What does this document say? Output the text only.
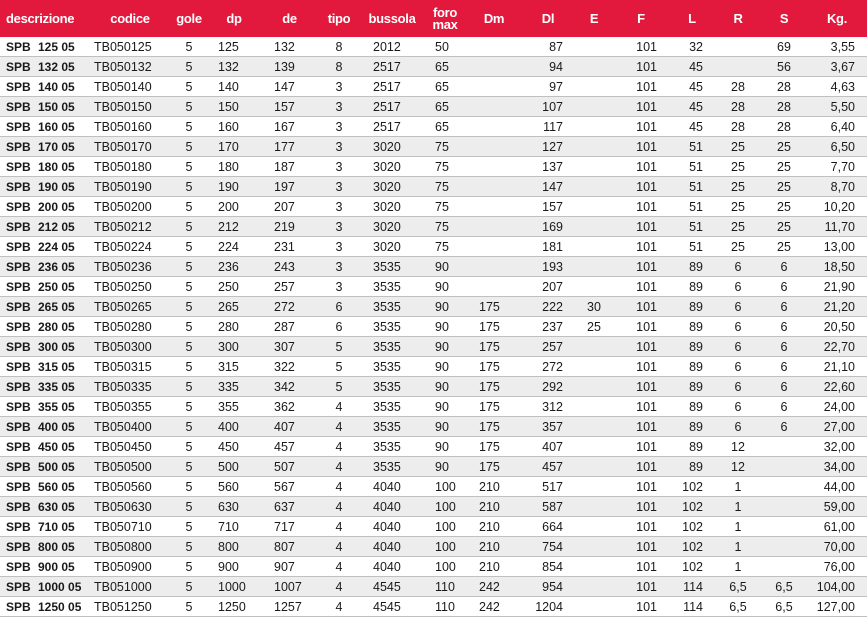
descrizione	codice	gole	dp	de	tipo	bussola	foro max	Dm	Dl	E	F	L	R	S	Kg.
SPB 125 05	TB050125	5	125	132	8	2012	50		87		101	32		69	3,55
SPB 132 05	TB050132	5	132	139	8	2517	65		94		101	45		56	3,67
SPB 140 05	TB050140	5	140	147	3	2517	65		97		101	45	28	28	4,63
SPB 150 05	TB050150	5	150	157	3	2517	65		107		101	45	28	28	5,50
SPB 160 05	TB050160	5	160	167	3	2517	65		117		101	45	28	28	6,40
SPB 170 05	TB050170	5	170	177	3	3020	75		127		101	51	25	25	6,50
SPB 180 05	TB050180	5	180	187	3	3020	75		137		101	51	25	25	7,70
SPB 190 05	TB050190	5	190	197	3	3020	75		147		101	51	25	25	8,70
SPB 200 05	TB050200	5	200	207	3	3020	75		157		101	51	25	25	10,20
SPB 212 05	TB050212	5	212	219	3	3020	75		169		101	51	25	25	11,70
SPB 224 05	TB050224	5	224	231	3	3020	75		181		101	51	25	25	13,00
SPB 236 05	TB050236	5	236	243	3	3535	90		193		101	89	6	6	18,50
SPB 250 05	TB050250	5	250	257	3	3535	90		207		101	89	6	6	21,90
SPB 265 05	TB050265	5	265	272	6	3535	90	175	222	30	101	89	6	6	21,20
SPB 280 05	TB050280	5	280	287	6	3535	90	175	237	25	101	89	6	6	20,50
SPB 300 05	TB050300	5	300	307	5	3535	90	175	257		101	89	6	6	22,70
SPB 315 05	TB050315	5	315	322	5	3535	90	175	272		101	89	6	6	21,10
SPB 335 05	TB050335	5	335	342	5	3535	90	175	292		101	89	6	6	22,60
SPB 355 05	TB050355	5	355	362	4	3535	90	175	312		101	89	6	6	24,00
SPB 400 05	TB050400	5	400	407	4	3535	90	175	357		101	89	6	6	27,00
SPB 450 05	TB050450	5	450	457	4	3535	90	175	407		101	89	12		32,00
SPB 500 05	TB050500	5	500	507	4	3535	90	175	457		101	89	12		34,00
SPB 560 05	TB050560	5	560	567	4	4040	100	210	517		101	102	1		44,00
SPB 630 05	TB050630	5	630	637	4	4040	100	210	587		101	102	1		59,00
SPB 710 05	TB050710	5	710	717	4	4040	100	210	664		101	102	1		61,00
SPB 800 05	TB050800	5	800	807	4	4040	100	210	754		101	102	1		70,00
SPB 900 05	TB050900	5	900	907	4	4040	100	210	854		101	102	1		76,00
SPB 1000 05	TB051000	5	1000	1007	4	4545	110	242	954		101	114	6,5	6,5	104,00
SPB 1250 05	TB051250	5	1250	1257	4	4545	110	242	1204		101	114	6,5	6,5	127,00
